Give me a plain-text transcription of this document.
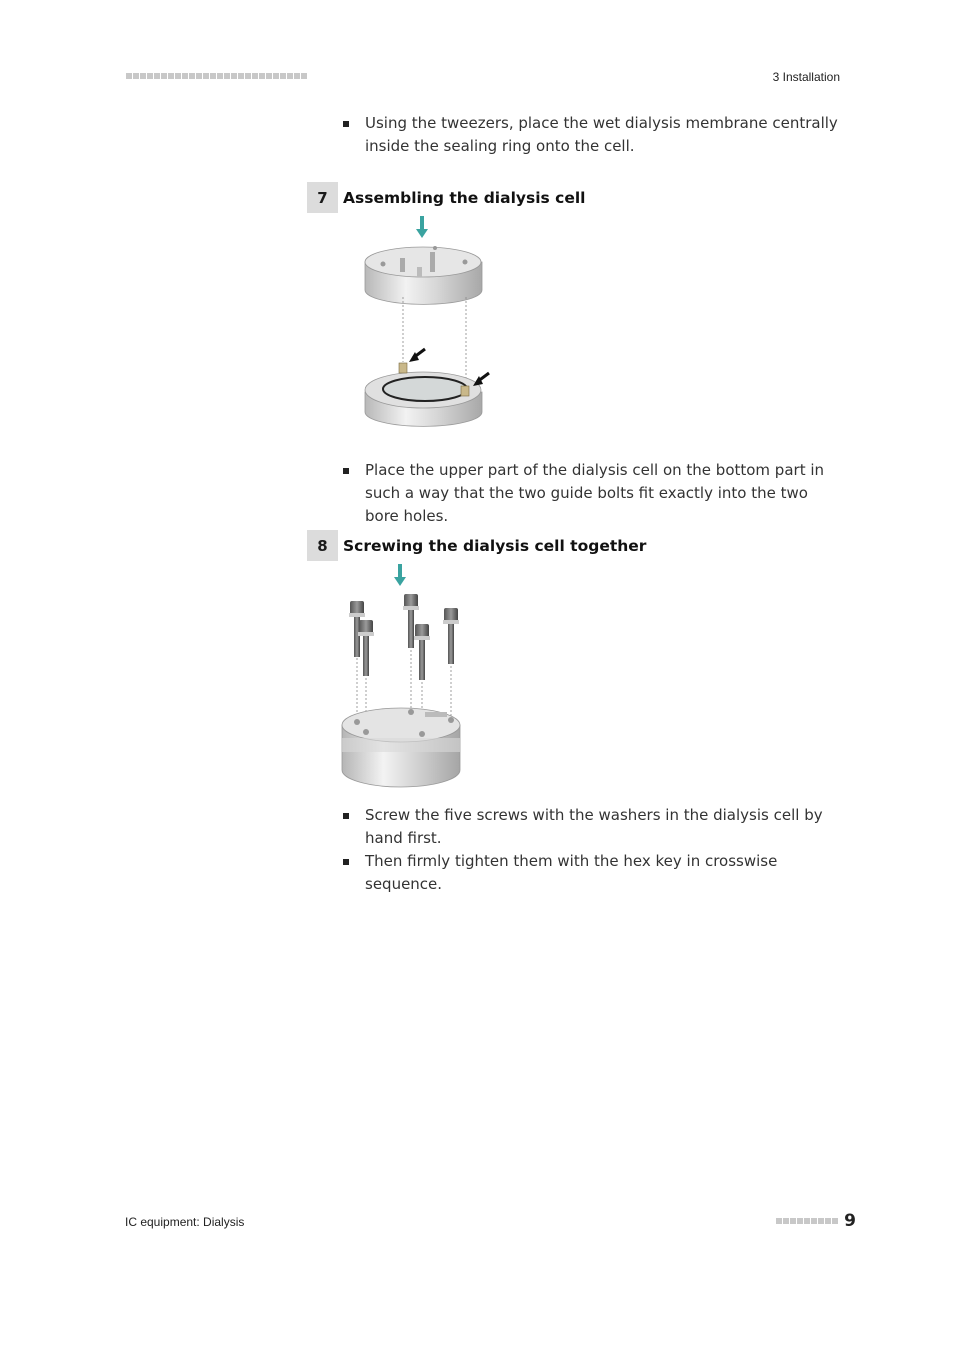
3 Installation
Using the tweezers, place the wet dialysis membrane centrally inside the sealing ring onto the cell.
7 Assembling the dialysis cell
Place the upper part of the dialysis cell on the bottom part in such a way that the two guide bolts fit exactly into the two bore holes.
8 Screwing the dialysis cell together
Screw the five screws with the washers in the dialysis cell by hand first.
Then firmly tighten them with the hex key in crosswise sequence.
IC equipment: Dialysis	9
